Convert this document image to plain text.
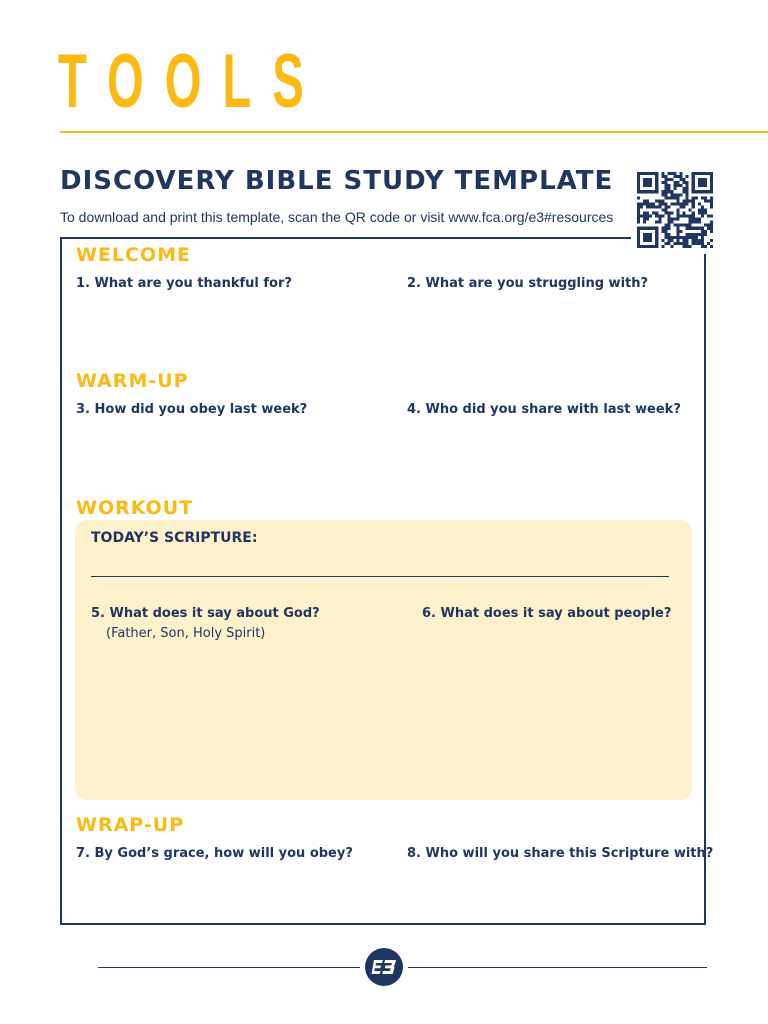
TOOLS
DISCOVERY BIBLE STUDY TEMPLATE
To download and print this template, scan the QR code or visit www.fca.org/e3#resources
WELCOME
1. What are you thankful for?	2. What are you struggling with?
WARM-UP
3. How did you obey last week?	4. Who did you share with last week?
WORKOUT
TODAY’S SCRIPTURE:
5. What does it say about God?
(Father, Son, Holy Spirit)
6. What does it say about people?
WRAP-UP
7. By God’s grace, how will you obey?	8. Who will you share this Scripture with?
